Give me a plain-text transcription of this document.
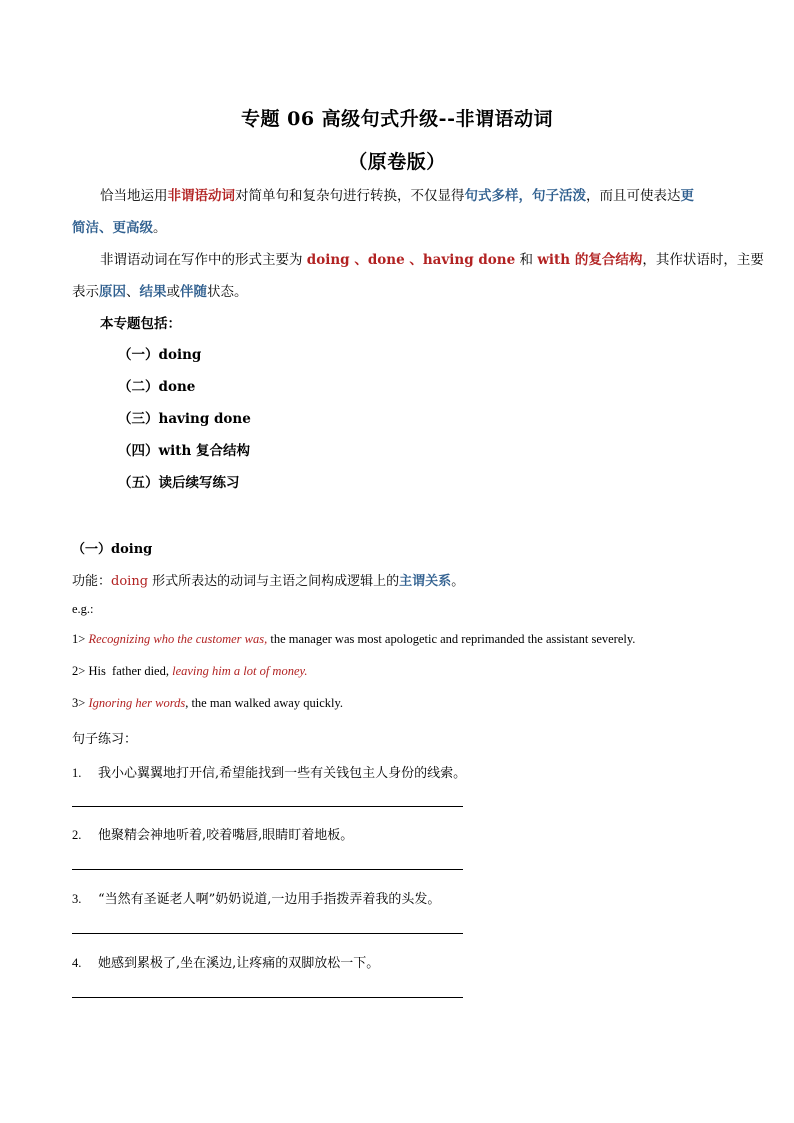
专题 06 高级句式升级--非谓语动词
（原卷版）
恰当地运用非谓语动词对简单句和复杂句进行转换，不仅显得句式多样，句子活泼，而且可使表达更
简洁、更高级。
非谓语动词在写作中的形式主要为 doing 、done 、having done 和 with 的复合结构，其作状语时，主要
表示原因、结果或伴随状态。
本专题包括：
（一）doing
（二）done
（三）having done
（四）with 复合结构
（五）读后续写练习
（一）doing
功能：doing 形式所表达的动词与主语之间构成逻辑上的主谓关系。
e.g.:
1> Recognizing who the customer was, the manager was most apologetic and reprimanded the assistant severely.
2> His  father died, leaving him a lot of money.
3> Ignoring her words, the man walked away quickly.
句子练习：
1. 我小心翼翼地打开信,希望能找到一些有关钱包主人身份的线索。
2. 他聚精会神地听着,咬着嘴唇,眼睛盯着地板。
3. “当然有圣诞老人啊”奶奶说道,一边用手指拨弄着我的头发。
4. 她感到累极了,坐在溪边,让疼痛的双脚放松一下。
